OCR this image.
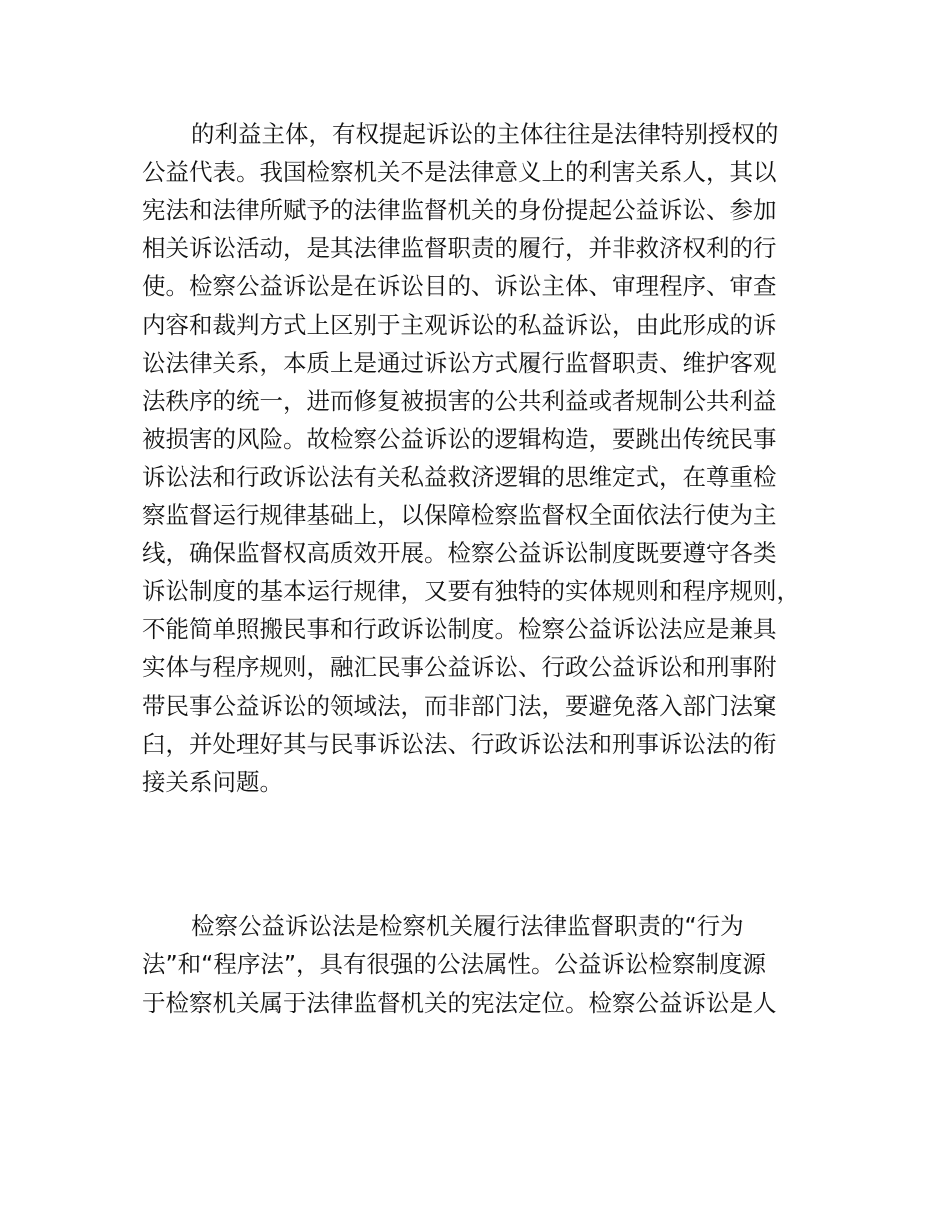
的利益主体，有权提起诉讼的主体往往是法律特别授权的
公益代表。我国检察机关不是法律意义上的利害关系人，其以
宪法和法律所赋予的法律监督机关的身份提起公益诉讼、参加
相关诉讼活动，是其法律监督职责的履行，并非救济权利的行
使。检察公益诉讼是在诉讼目的、诉讼主体、审理程序、审查
内容和裁判方式上区别于主观诉讼的私益诉讼，由此形成的诉
讼法律关系，本质上是通过诉讼方式履行监督职责、维护客观
法秩序的统一，进而修复被损害的公共利益或者规制公共利益
被损害的风险。故检察公益诉讼的逻辑构造，要跳出传统民事
诉讼法和行政诉讼法有关私益救济逻辑的思维定式，在尊重检
察监督运行规律基础上，以保障检察监督权全面依法行使为主
线，确保监督权高质效开展。检察公益诉讼制度既要遵守各类
诉讼制度的基本运行规律，又要有独特的实体规则和程序规则，
不能简单照搬民事和行政诉讼制度。检察公益诉讼法应是兼具
实体与程序规则，融汇民事公益诉讼、行政公益诉讼和刑事附
带民事公益诉讼的领域法，而非部门法，要避免落入部门法窠
臼，并处理好其与民事诉讼法、行政诉讼法和刑事诉讼法的衔
接关系问题。
检察公益诉讼法是检察机关履行法律监督职责的“行为
法”和“程序法”，具有很强的公法属性。公益诉讼检察制度源
于检察机关属于法律监督机关的宪法定位。检察公益诉讼是人
